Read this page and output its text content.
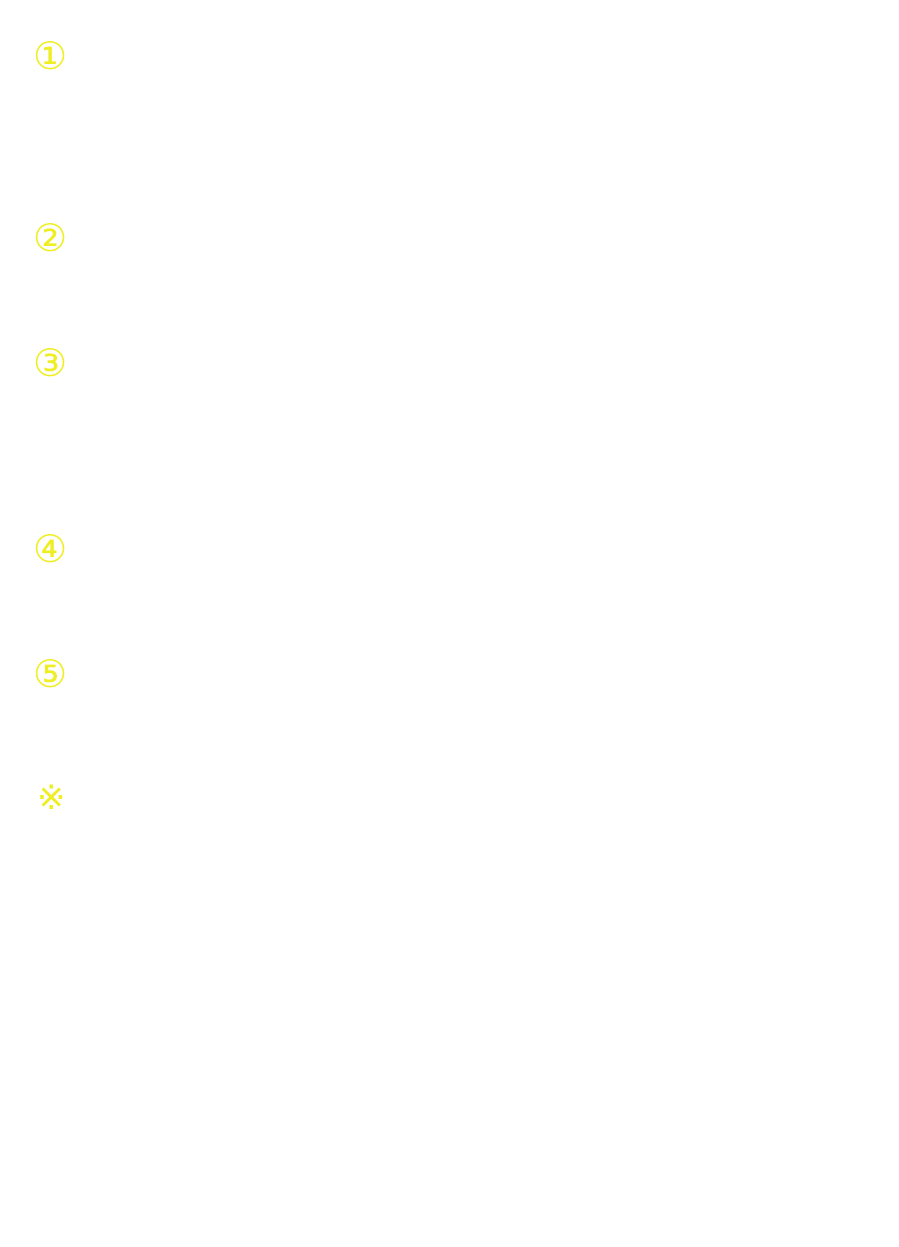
①
②
③
④
⑤
※
